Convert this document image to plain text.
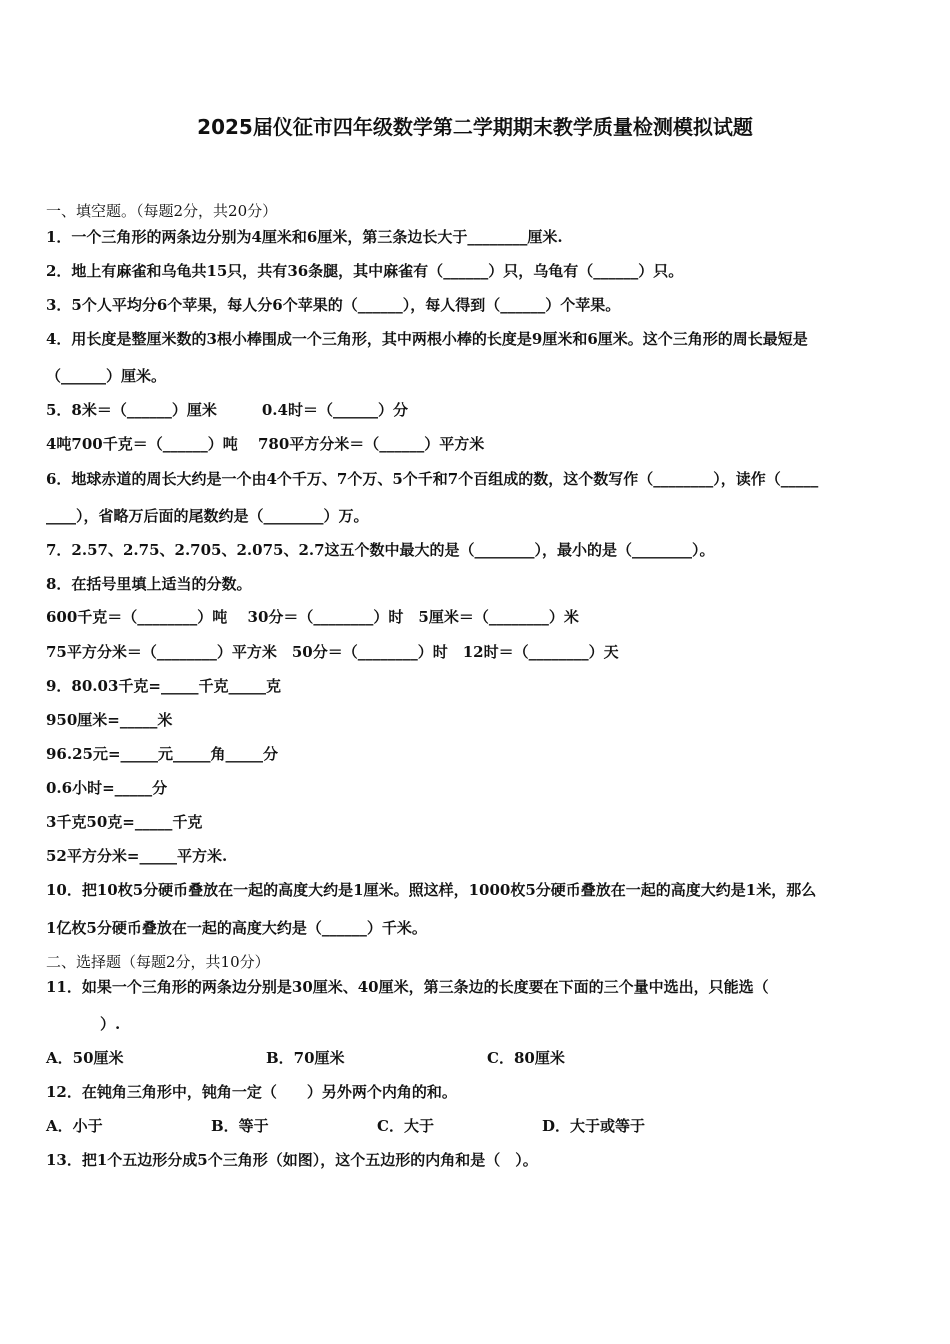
2025届仪征市四年级数学第二学期期末教学质量检测模拟试题
一、填空题。（每题2分，共20分）
1．一个三角形的两条边分别为4厘米和6厘米，第三条边长大于________厘米.
2．地上有麻雀和乌龟共15只，共有36条腿，其中麻雀有（______）只，乌龟有（______）只。
3．5个人平均分6个苹果，每人分6个苹果的（______），每人得到（______）个苹果。
4．用长度是整厘米数的3根小棒围成一个三角形，其中两根小棒的长度是9厘米和6厘米。这个三角形的周长最短是
（______）厘米。
5．8米＝（______）厘米　　　0.4时＝（______）分
4吨700千克＝（______）吨　 780平方分米＝（______）平方米
6．地球赤道的周长大约是一个由4个千万、7个万、5个千和7个百组成的数，这个数写作（________），读作（_____
____），省略万后面的尾数约是（________）万。
7．2.57、2.75、2.705、2.075、2.7这五个数中最大的是（________），最小的是（________）。
8．在括号里填上适当的分数。
600千克＝（________）吨　 30分＝（________）时　5厘米＝（________）米
75平方分米＝（________）平方米　50分＝（________）时　12时＝（________）天
9．80.03千克=_____千克_____克
950厘米=_____米
96.25元=_____元_____角_____分
0.6小时=_____分
3千克50克=_____千克
52平方分米=_____平方米.
10．把10枚5分硬币叠放在一起的高度大约是1厘米。照这样，1000枚5分硬币叠放在一起的高度大约是1米，那么
1亿枚5分硬币叠放在一起的高度大约是（______）千米。
二、选择题（每题2分，共10分）
11．如果一个三角形的两条边分别是30厘米、40厘米，第三条边的长度要在下面的三个量中选出，只能选（
）.
A．50厘米	B．70厘米	C．80厘米
12．在钝角三角形中，钝角一定（　　）另外两个内角的和。
A．小于	B．等于	C．大于	D．大于或等于
13．把1个五边形分成5个三角形（如图），这个五边形的内角和是（　）。
